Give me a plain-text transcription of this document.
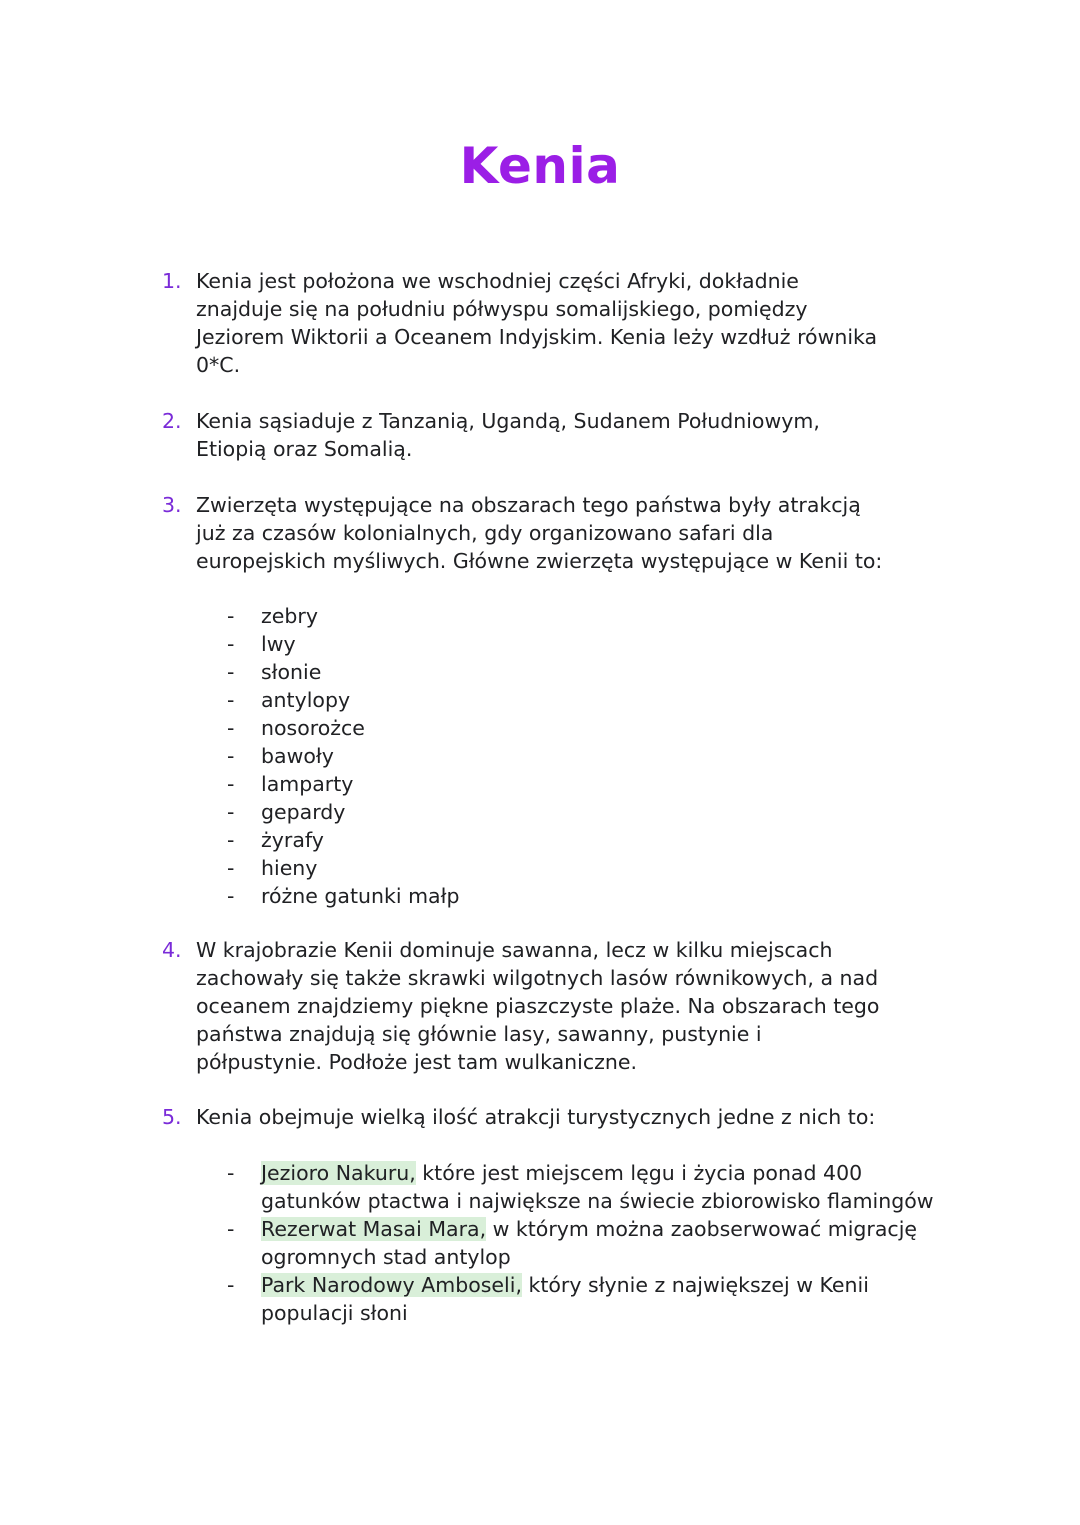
Kenia
1. Kenia jest położona we wschodniej części Afryki, dokładnie
znajduje się na południu półwyspu somalijskiego, pomiędzy
Jeziorem Wiktorii a Oceanem Indyjskim. Kenia leży wzdłuż równika
0*C.

2. Kenia sąsiaduje z Tanzanią, Ugandą, Sudanem Południowym,
Etiopią oraz Somalią.

3. Zwierzęta występujące na obszarach tego państwa były atrakcją
już za czasów kolonialnych, gdy organizowano safari dla
europejskich myśliwych. Główne zwierzęta występujące w Kenii to:

- zebry
- lwy
- słonie
- antylopy
- nosorożce
- bawoły
- lamparty
- gepardy
- żyrafy
- hieny
- różne gatunki małp
4. W krajobrazie Kenii dominuje sawanna, lecz w kilku miejscach
zachowały się także skrawki wilgotnych lasów równikowych, a nad
oceanem znajdziemy piękne piaszczyste plaże. Na obszarach tego
państwa znajdują się głównie lasy, sawanny, pustynie i
półpustynie. Podłoże jest tam wulkaniczne.

5. Kenia obejmuje wielką ilość atrakcji turystycznych jedne z nich to:

- Jezioro Nakuru, które jest miejscem lęgu i życia ponad 400 gatunków ptactwa i największe na świecie zbiorowisko flamingów
- Rezerwat Masai Mara, w którym można zaobserwować migrację ogromnych stad antylop
- Park Narodowy Amboseli, który słynie z największej w Kenii populacji słoni
